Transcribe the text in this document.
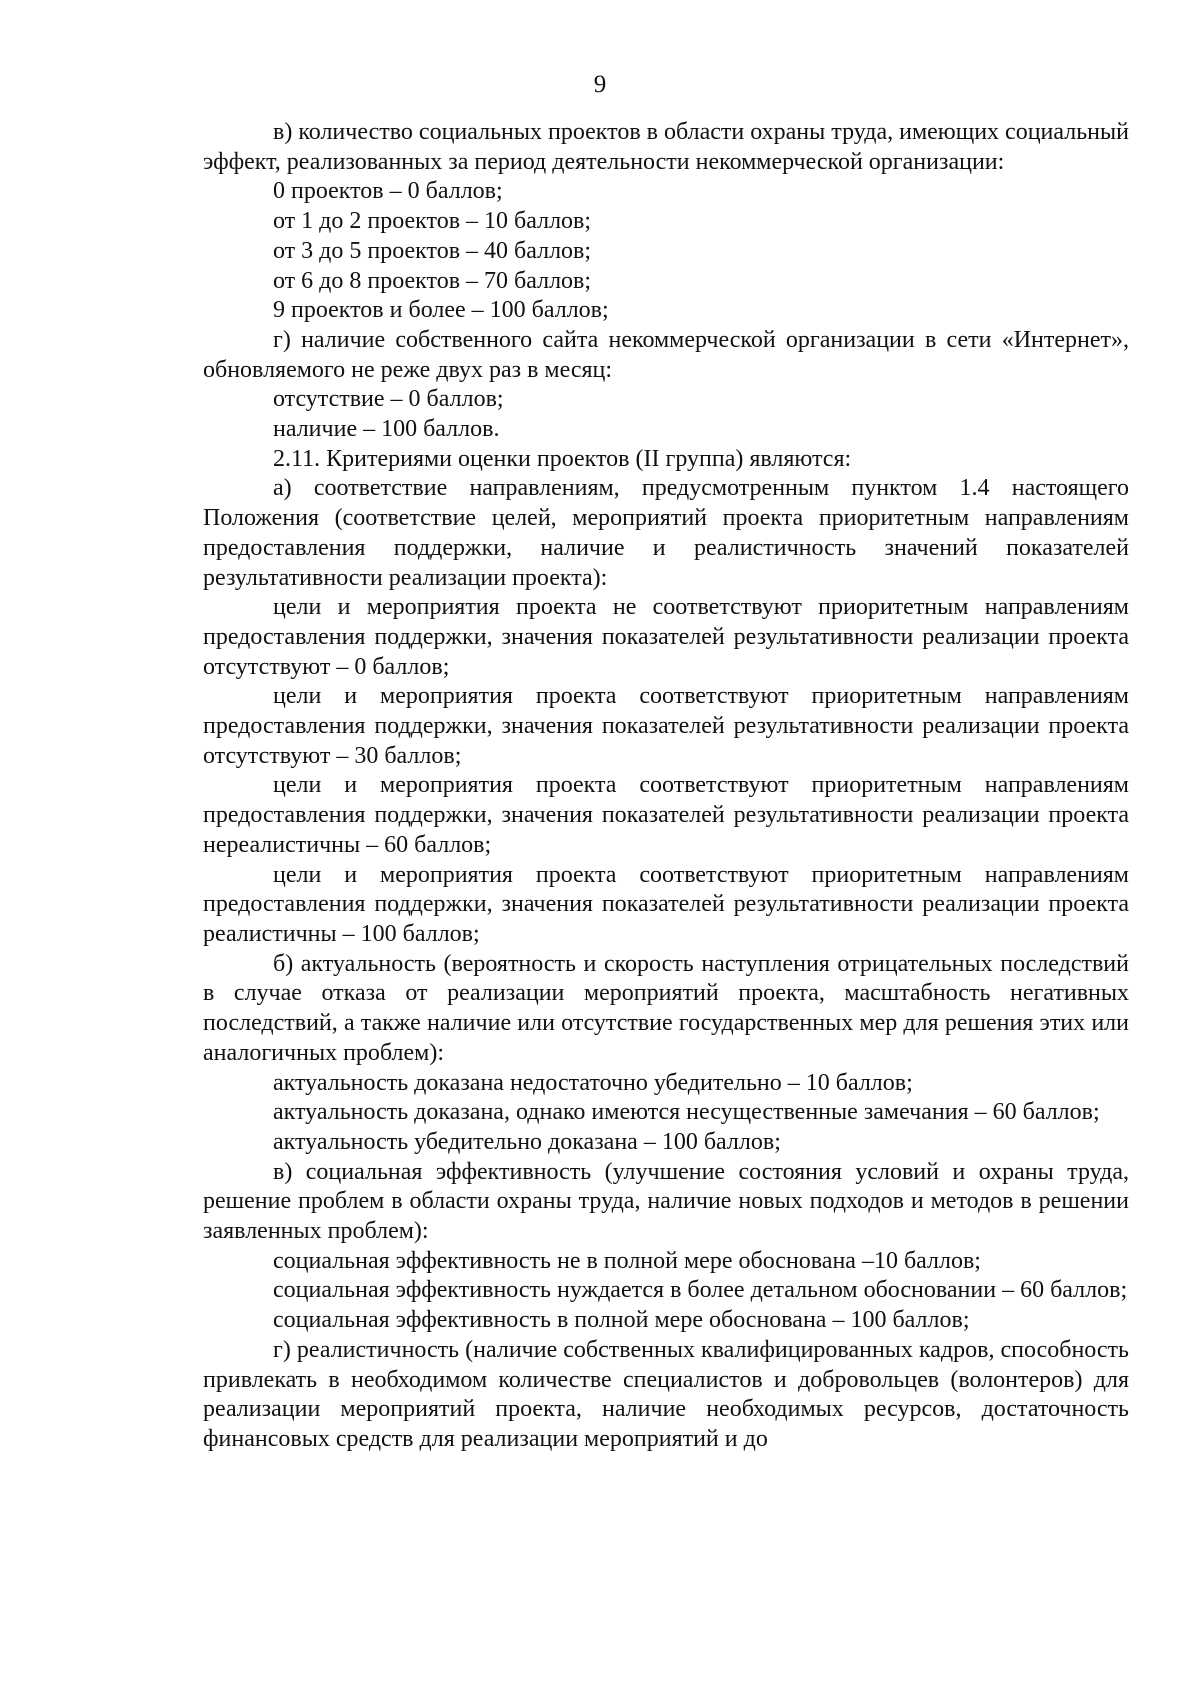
9

в) количество социальных проектов в области охраны труда, имеющих социальный эффект, реализованных за период деятельности некоммерческой организации:

0 проектов – 0 баллов;

от 1 до 2 проектов – 10 баллов;

от 3 до 5 проектов – 40 баллов;

от 6 до 8 проектов – 70 баллов;

9 проектов и более – 100 баллов;

г) наличие собственного сайта некоммерческой организации в сети «Интернет», обновляемого не реже двух раз в месяц:

отсутствие – 0 баллов;

наличие – 100 баллов.

2.11. Критериями оценки проектов (II группа) являются:

а) соответствие направлениям, предусмотренным пунктом 1.4 настоящего Положения (соответствие целей, мероприятий проекта приоритетным направлениям предоставления поддержки, наличие и реалистичность значений показателей результативности реализации проекта):

цели и мероприятия проекта не соответствуют приоритетным направлениям предоставления поддержки, значения показателей результативности реализации проекта отсутствуют – 0 баллов;

цели и мероприятия проекта соответствуют приоритетным направлениям предоставления поддержки, значения показателей результативности реализации проекта отсутствуют – 30 баллов;

цели и мероприятия проекта соответствуют приоритетным направлениям предоставления поддержки, значения показателей результативности реализации проекта нереалистичны – 60 баллов;

цели и мероприятия проекта соответствуют приоритетным направлениям предоставления поддержки, значения показателей результативности реализации проекта реалистичны – 100 баллов;

б) актуальность (вероятность и скорость наступления отрицательных последствий в случае отказа от реализации мероприятий проекта, масштабность негативных последствий, а также наличие или отсутствие государственных мер для решения этих или аналогичных проблем):

актуальность доказана недостаточно убедительно – 10 баллов;

актуальность доказана, однако имеются несущественные замечания – 60 баллов;

актуальность убедительно доказана – 100 баллов;

в) социальная эффективность (улучшение состояния условий и охраны труда, решение проблем в области охраны труда, наличие новых подходов и методов в решении заявленных проблем):

социальная эффективность не в полной мере обоснована –10 баллов;

социальная эффективность нуждается в более детальном обосновании – 60 баллов;

социальная эффективность в полной мере обоснована – 100 баллов;

г) реалистичность (наличие собственных квалифицированных кадров, способность привлекать в необходимом количестве специалистов и добровольцев (волонтеров) для реализации мероприятий проекта, наличие необходимых ресурсов, достаточность финансовых средств для реализации мероприятий и до
